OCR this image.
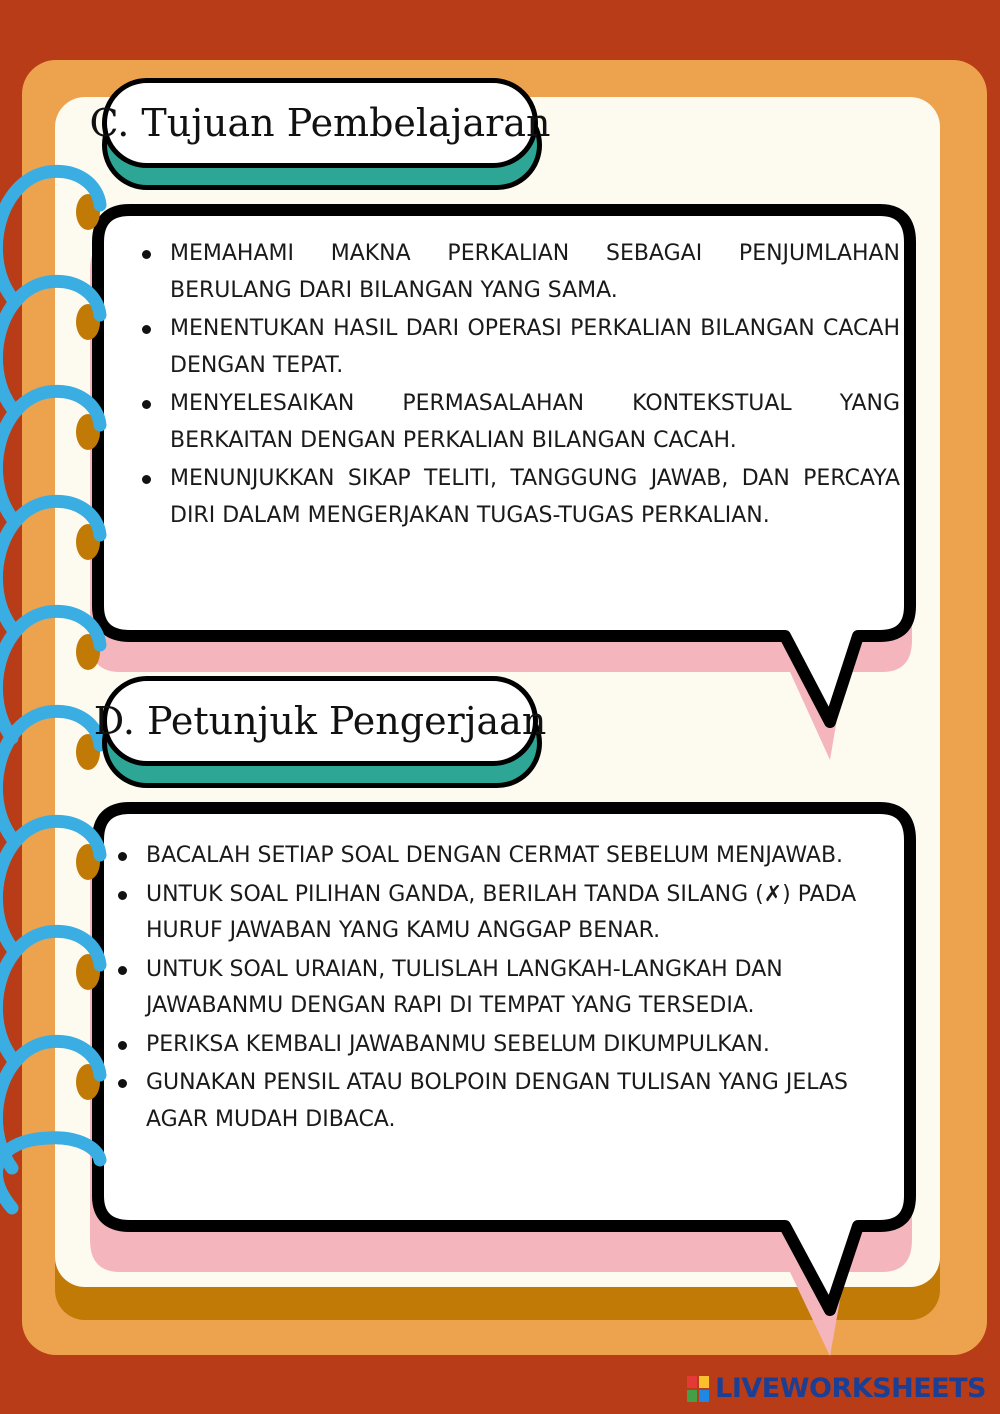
C. Tujuan Pembelajaran
MEMAHAMI MAKNA PERKALIAN SEBAGAI PENJUMLAHAN BERULANG DARI BILANGAN YANG SAMA.
MENENTUKAN HASIL DARI OPERASI PERKALIAN BILANGAN CACAH DENGAN TEPAT.
MENYELESAIKAN PERMASALAHAN KONTEKSTUAL YANG BERKAITAN DENGAN PERKALIAN BILANGAN CACAH.
MENUNJUKKAN SIKAP TELITI, TANGGUNG JAWAB, DAN PERCAYA DIRI DALAM MENGERJAKAN TUGAS-TUGAS PERKALIAN.
D. Petunjuk Pengerjaan
BACALAH SETIAP SOAL DENGAN CERMAT SEBELUM MENJAWAB.
UNTUK SOAL PILIHAN GANDA, BERILAH TANDA SILANG (✗) PADA HURUF JAWABAN YANG KAMU ANGGAP BENAR.
UNTUK SOAL URAIAN, TULISLAH LANGKAH-LANGKAH DAN JAWABANMU DENGAN RAPI DI TEMPAT YANG TERSEDIA.
PERIKSA KEMBALI JAWABANMU SEBELUM DIKUMPULKAN.
GUNAKAN PENSIL ATAU BOLPOIN DENGAN TULISAN YANG JELAS AGAR MUDAH DIBACA.
LIVEWORKSHEETS
